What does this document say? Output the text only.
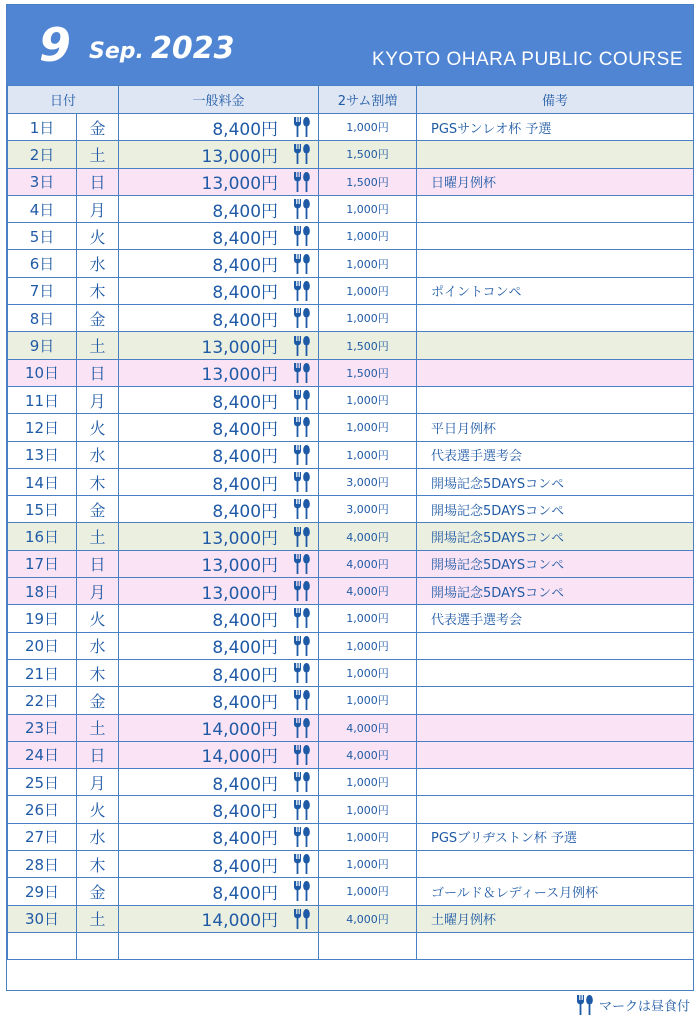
9 Sep. 2023	KYOTO OHARA PUBLIC COURSE
日付		一般料金	2サム割増	備考
1日	金	8,400円	1,000円	PGSサンレオ杯 予選
2日	土	13,000円	1,500円	
3日	日	13,000円	1,500円	日曜月例杯
4日	月	8,400円	1,000円	
5日	火	8,400円	1,000円	
6日	水	8,400円	1,000円	
7日	木	8,400円	1,000円	ポイントコンペ
8日	金	8,400円	1,000円	
9日	土	13,000円	1,500円	
10日	日	13,000円	1,500円	
11日	月	8,400円	1,000円	
12日	火	8,400円	1,000円	平日月例杯
13日	水	8,400円	1,000円	代表選手選考会
14日	木	8,400円	3,000円	開場記念5DAYSコンペ
15日	金	8,400円	3,000円	開場記念5DAYSコンペ
16日	土	13,000円	4,000円	開場記念5DAYSコンペ
17日	日	13,000円	4,000円	開場記念5DAYSコンペ
18日	月	13,000円	4,000円	開場記念5DAYSコンペ
19日	火	8,400円	1,000円	代表選手選考会
20日	水	8,400円	1,000円	
21日	木	8,400円	1,000円	
22日	金	8,400円	1,000円	
23日	土	14,000円	4,000円	
24日	日	14,000円	4,000円	
25日	月	8,400円	1,000円	
26日	火	8,400円	1,000円	
27日	水	8,400円	1,000円	PGSブリヂストン杯 予選
28日	木	8,400円	1,000円	
29日	金	8,400円	1,000円	ゴールド＆レディース月例杯
30日	土	14,000円	4,000円	土曜月例杯

マークは昼食付
